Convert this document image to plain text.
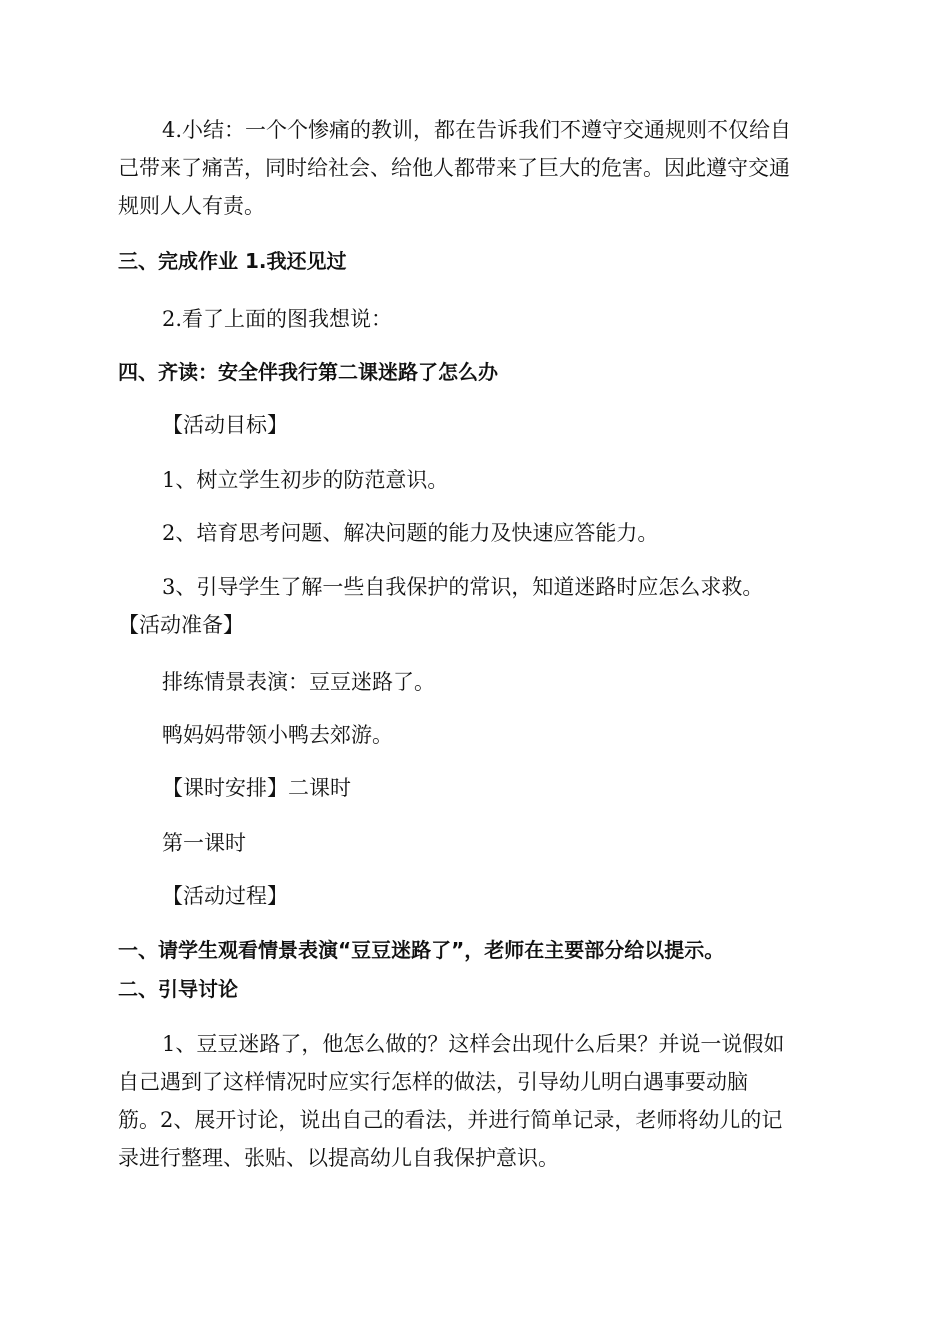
4.小结：一个个惨痛的教训，都在告诉我们不遵守交通规则不仅给自
己带来了痛苦，同时给社会、给他人都带来了巨大的危害。因此遵守交通
规则人人有责。
三、完成作业 1.我还见过
2.看了上面的图我想说：
四、齐读：安全伴我行第二课迷路了怎么办
【活动目标】
1、树立学生初步的防范意识。
2、培育思考问题、解决问题的能力及快速应答能力。
3、引导学生了解一些自我保护的常识，知道迷路时应怎么求救。
【活动准备】
排练情景表演：豆豆迷路了。
鸭妈妈带领小鸭去郊游。
【课时安排】二课时
第一课时
【活动过程】
一、请学生观看情景表演“豆豆迷路了”，老师在主要部分给以提示。
二、引导讨论
1、豆豆迷路了，他怎么做的？这样会出现什么后果？并说一说假如
自己遇到了这样情况时应实行怎样的做法，引导幼儿明白遇事要动脑
筋。2、展开讨论，说出自己的看法，并进行简单记录，老师将幼儿的记
录进行整理、张贴、以提高幼儿自我保护意识。
